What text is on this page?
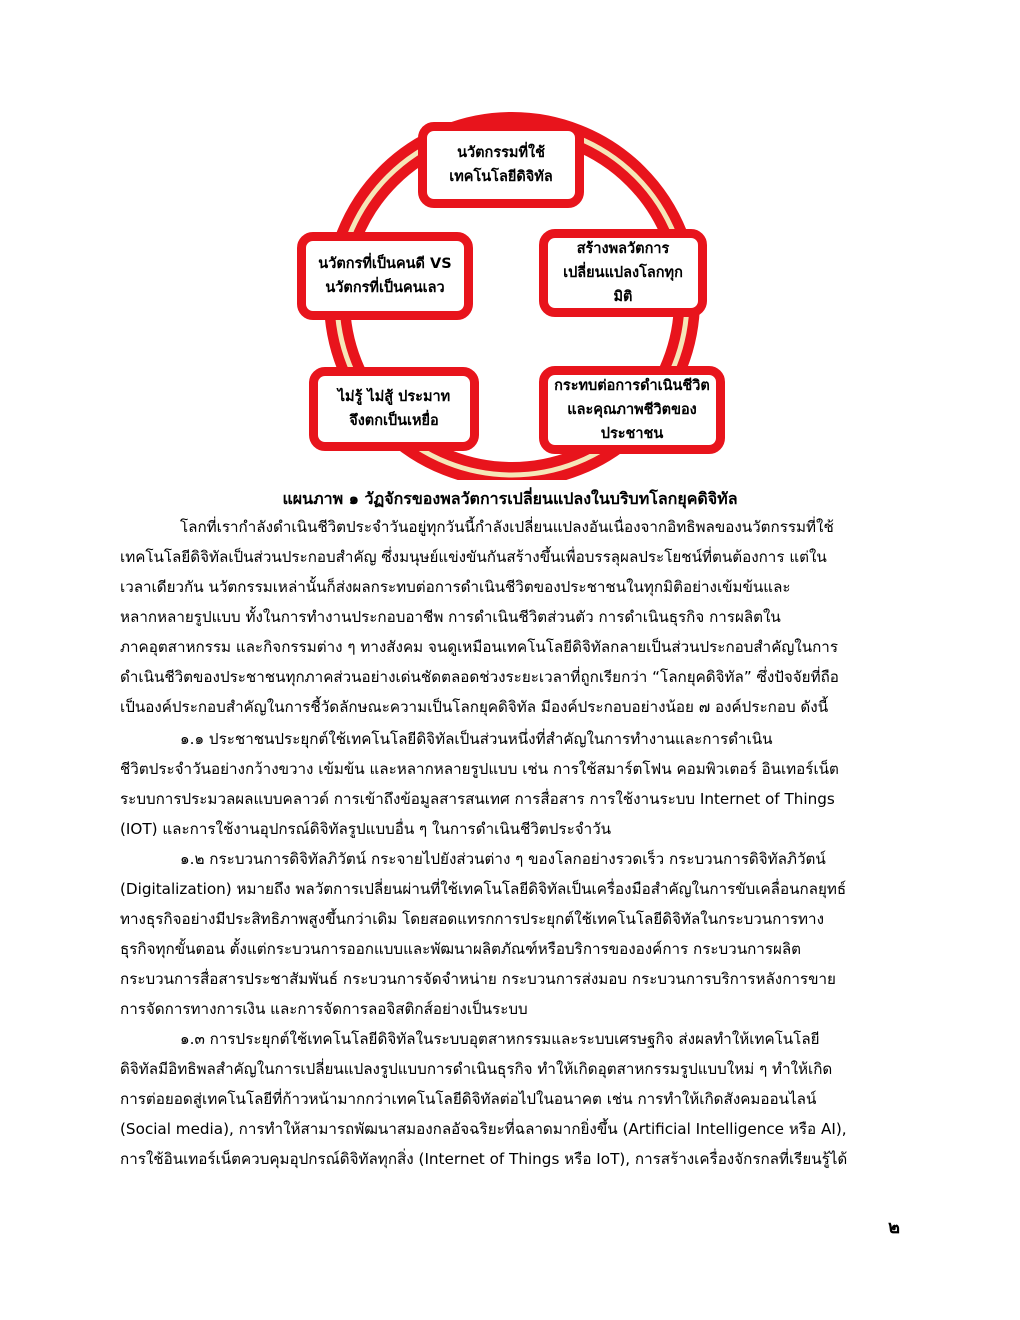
นวัตกรรมที่ใช้
เทคโนโลยีดิจิทัล
สร้างพลวัตการ
เปลี่ยนแปลงโลกทุก
มิติ
กระทบต่อการดำเนินชีวิต
และคุณภาพชีวิตของ
ประชาชน
ไม่รู้ ไม่สู้ ประมาท
จึงตกเป็นเหยื่อ
นวัตกรที่เป็นคนดี VS
นวัตกรที่เป็นคนเลว
แผนภาพ ๑ วัฏจักรของพลวัตการเปลี่ยนแปลงในบริบทโลกยุคดิจิทัล

โลกที่เรากำลังดำเนินชีวิตประจำวันอยู่ทุกวันนี้กำลังเปลี่ยนแปลงอันเนื่องจากอิทธิพลของนวัตกรรมที่ใช้
เทคโนโลยีดิจิทัลเป็นส่วนประกอบสำคัญ ซึ่งมนุษย์แข่งขันกันสร้างขึ้นเพื่อบรรลุผลประโยชน์ที่ตนต้องการ แต่ใน
เวลาเดียวกัน นวัตกรรมเหล่านั้นก็ส่งผลกระทบต่อการดำเนินชีวิตของประชาชนในทุกมิติอย่างเข้มข้นและ
หลากหลายรูปแบบ ทั้งในการทำงานประกอบอาชีพ การดำเนินชีวิตส่วนตัว การดำเนินธุรกิจ การผลิตใน
ภาคอุตสาหกรรม และกิจกรรมต่าง ๆ ทางสังคม จนดูเหมือนเทคโนโลยีดิจิทัลกลายเป็นส่วนประกอบสำคัญในการ
ดำเนินชีวิตของประชาชนทุกภาคส่วนอย่างเด่นชัดตลอดช่วงระยะเวลาที่ถูกเรียกว่า “โลกยุคดิจิทัล” ซึ่งปัจจัยที่ถือ
เป็นองค์ประกอบสำคัญในการชี้วัดลักษณะความเป็นโลกยุคดิจิทัล มีองค์ประกอบอย่างน้อย ๗ องค์ประกอบ ดังนี้

๑.๑ ประชาชนประยุกต์ใช้เทคโนโลยีดิจิทัลเป็นส่วนหนึ่งที่สำคัญในการทำงานและการดำเนิน
ชีวิตประจำวันอย่างกว้างขวาง เข้มข้น และหลากหลายรูปแบบ เช่น การใช้สมาร์ตโฟน คอมพิวเตอร์ อินเทอร์เน็ต
ระบบการประมวลผลแบบคลาวด์ การเข้าถึงข้อมูลสารสนเทศ การสื่อสาร การใช้งานระบบ Internet of Things
(IOT) และการใช้งานอุปกรณ์ดิจิทัลรูปแบบอื่น ๆ ในการดำเนินชีวิตประจำวัน

๑.๒ กระบวนการดิจิทัลภิวัตน์ กระจายไปยังส่วนต่าง ๆ ของโลกอย่างรวดเร็ว กระบวนการดิจิทัลภิวัตน์
(Digitalization) หมายถึง พลวัตการเปลี่ยนผ่านที่ใช้เทคโนโลยีดิจิทัลเป็นเครื่องมือสำคัญในการขับเคลื่อนกลยุทธ์
ทางธุรกิจอย่างมีประสิทธิภาพสูงขึ้นกว่าเดิม โดยสอดแทรกการประยุกต์ใช้เทคโนโลยีดิจิทัลในกระบวนการทาง
ธุรกิจทุกขั้นตอน ตั้งแต่กระบวนการออกแบบและพัฒนาผลิตภัณฑ์หรือบริการขององค์การ กระบวนการผลิต
กระบวนการสื่อสารประชาสัมพันธ์ กระบวนการจัดจำหน่าย กระบวนการส่งมอบ กระบวนการบริการหลังการขาย
การจัดการทางการเงิน และการจัดการลอจิสติกส์อย่างเป็นระบบ

๑.๓ การประยุกต์ใช้เทคโนโลยีดิจิทัลในระบบอุตสาหกรรมและระบบเศรษฐกิจ ส่งผลทำให้เทคโนโลยี
ดิจิทัลมีอิทธิพลสำคัญในการเปลี่ยนแปลงรูปแบบการดำเนินธุรกิจ ทำให้เกิดอุตสาหกรรมรูปแบบใหม่ ๆ ทำให้เกิด
การต่อยอดสู่เทคโนโลยีที่ก้าวหน้ามากกว่าเทคโนโลยีดิจิทัลต่อไปในอนาคต เช่น การทำให้เกิดสังคมออนไลน์
(Social media), การทำให้สามารถพัฒนาสมองกลอัจฉริยะที่ฉลาดมากยิ่งขึ้น (Artificial Intelligence หรือ AI),
การใช้อินเทอร์เน็ตควบคุมอุปกรณ์ดิจิทัลทุกสิ่ง (Internet of Things หรือ IoT), การสร้างเครื่องจักรกลที่เรียนรู้ได้

๒
